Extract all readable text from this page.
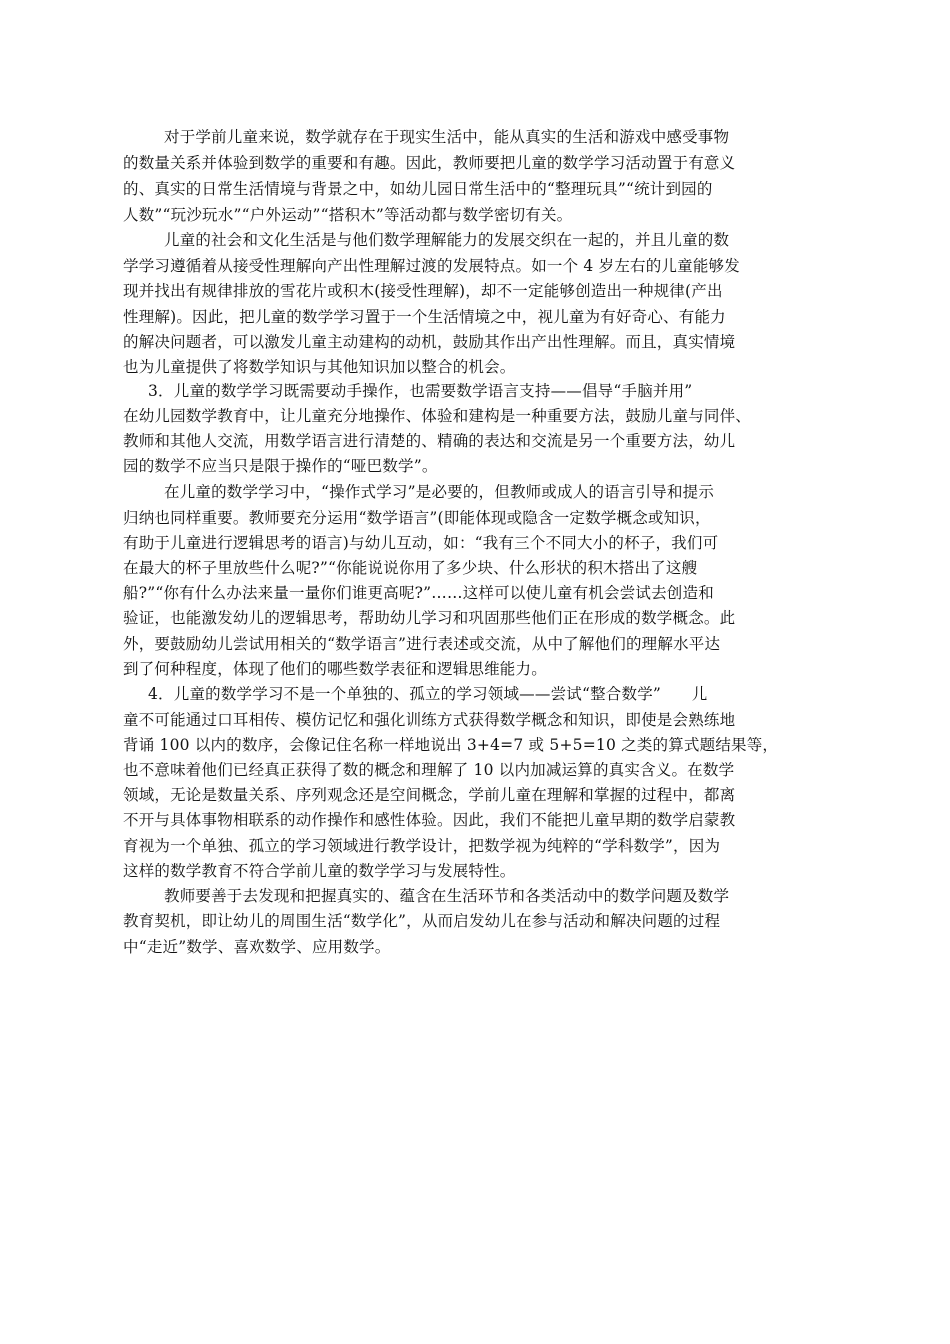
对于学前儿童来说，数学就存在于现实生活中，能从真实的生活和游戏中感受事物
的数量关系并体验到数学的重要和有趣。因此，教师要把儿童的数学学习活动置于有意义
的、真实的日常生活情境与背景之中，如幼儿园日常生活中的“整理玩具”“统计到园的
人数”“玩沙玩水”“户外运动”“搭积木”等活动都与数学密切有关。
儿童的社会和文化生活是与他们数学理解能力的发展交织在一起的，并且儿童的数
学学习遵循着从接受性理解向产出性理解过渡的发展特点。如一个 4 岁左右的儿童能够发
现并找出有规律排放的雪花片或积木(接受性理解)，却不一定能够创造出一种规律(产出
性理解)。因此，把儿童的数学学习置于一个生活情境之中，视儿童为有好奇心、有能力
的解决问题者，可以激发儿童主动建构的动机，鼓励其作出产出性理解。而且，真实情境
也为儿童提供了将数学知识与其他知识加以整合的机会。
3．儿童的数学学习既需要动手操作，也需要数学语言支持——倡导“手脑并用”
在幼儿园数学教育中，让儿童充分地操作、体验和建构是一种重要方法，鼓励儿童与同伴、
教师和其他人交流，用数学语言进行清楚的、精确的表达和交流是另一个重要方法，幼儿
园的数学不应当只是限于操作的“哑巴数学”。
在儿童的数学学习中，“操作式学习”是必要的，但教师或成人的语言引导和提示
归纳也同样重要。教师要充分运用“数学语言”(即能体现或隐含一定数学概念或知识，
有助于儿童进行逻辑思考的语言)与幼儿互动，如：“我有三个不同大小的杯子，我们可
在最大的杯子里放些什么呢?”“你能说说你用了多少块、什么形状的积木搭出了这艘
船?”“你有什么办法来量一量你们谁更高呢?”……这样可以使儿童有机会尝试去创造和
验证，也能激发幼儿的逻辑思考，帮助幼儿学习和巩固那些他们正在形成的数学概念。此
外，要鼓励幼儿尝试用相关的“数学语言”进行表述或交流，从中了解他们的理解水平达
到了何种程度，体现了他们的哪些数学表征和逻辑思维能力。
4．儿童的数学学习不是一个单独的、孤立的学习领域——尝试“整合数学”      儿
童不可能通过口耳相传、模仿记忆和强化训练方式获得数学概念和知识，即使是会熟练地
背诵 100 以内的数序，会像记住名称一样地说出 3+4=7 或 5+5=10 之类的算式题结果等，
也不意味着他们已经真正获得了数的概念和理解了 10 以内加减运算的真实含义。在数学
领域，无论是数量关系、序列观念还是空间概念，学前儿童在理解和掌握的过程中，都离
不开与具体事物相联系的动作操作和感性体验。因此，我们不能把儿童早期的数学启蒙教
育视为一个单独、孤立的学习领域进行教学设计，把数学视为纯粹的“学科数学”，因为
这样的数学教育不符合学前儿童的数学学习与发展特性。
教师要善于去发现和把握真实的、蕴含在生活环节和各类活动中的数学问题及数学
教育契机，即让幼儿的周围生活“数学化”，从而启发幼儿在参与活动和解决问题的过程
中“走近”数学、喜欢数学、应用数学。
